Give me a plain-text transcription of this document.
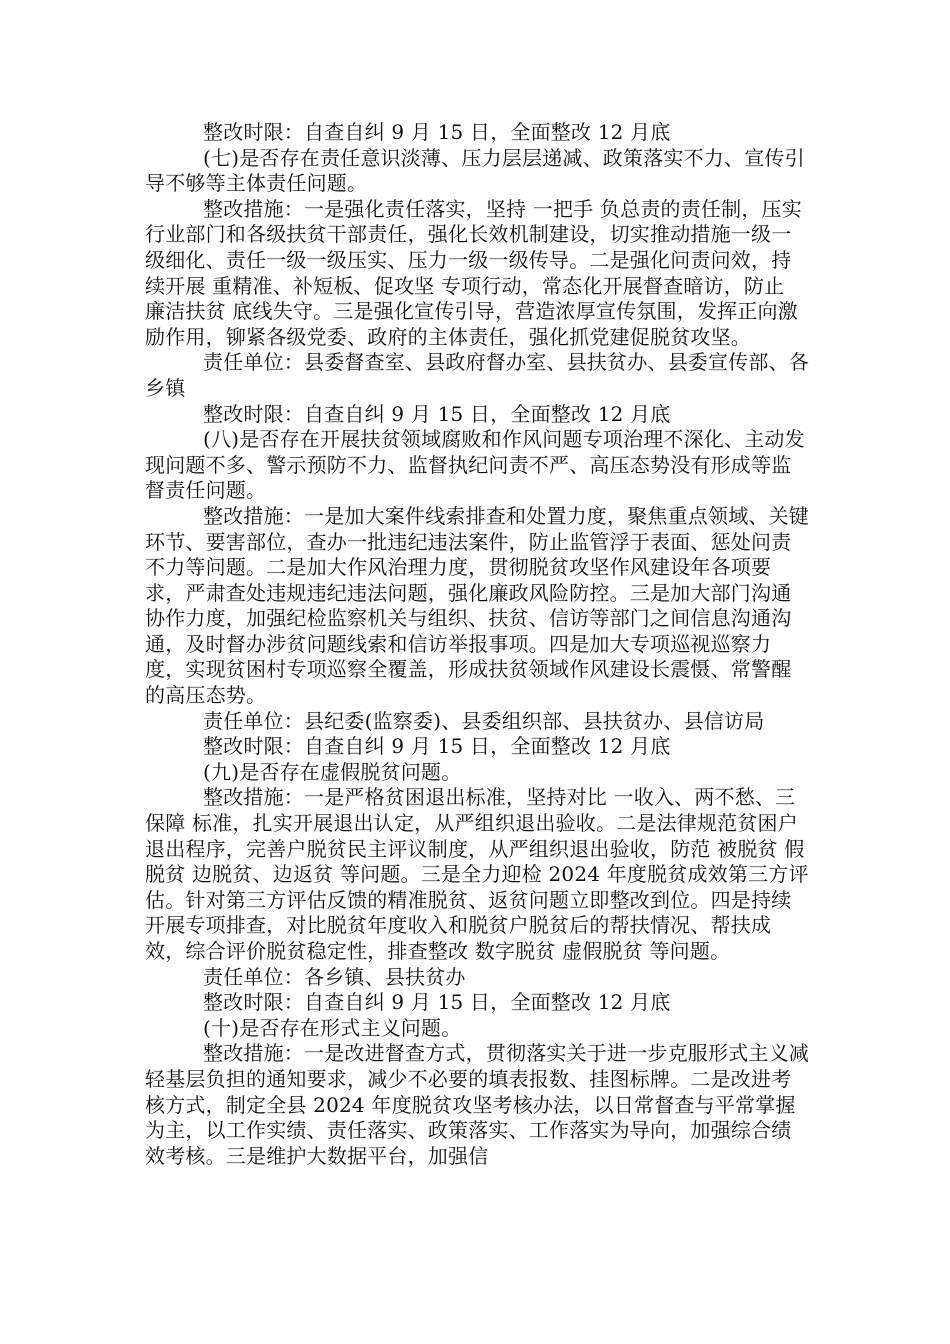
整改时限：自查自纠 9 月 15 日，全面整改 12 月底

(七)是否存在责任意识淡薄、压力层层递减、政策落实不力、宣传引导不够等主体责任问题。

整改措施：一是强化责任落实，坚持 一把手 负总责的责任制，压实行业部门和各级扶贫干部责任，强化长效机制建设，切实推动措施一级一级细化、责任一级一级压实、压力一级一级传导。二是强化问责问效，持续开展 重精准、补短板、促攻坚 专项行动，常态化开展督查暗访，防止 廉洁扶贫 底线失守。三是强化宣传引导，营造浓厚宣传氛围，发挥正向激励作用，铆紧各级党委、政府的主体责任，强化抓党建促脱贫攻坚。

责任单位：县委督查室、县政府督办室、县扶贫办、县委宣传部、各乡镇

整改时限：自查自纠 9 月 15 日，全面整改 12 月底

(八)是否存在开展扶贫领域腐败和作风问题专项治理不深化、主动发现问题不多、警示预防不力、监督执纪问责不严、高压态势没有形成等监督责任问题。

整改措施：一是加大案件线索排查和处置力度，聚焦重点领域、关键环节、要害部位，查办一批违纪违法案件，防止监管浮于表面、惩处问责不力等问题。二是加大作风治理力度，贯彻脱贫攻坚作风建设年各项要求，严肃查处违规违纪违法问题，强化廉政风险防控。三是加大部门沟通协作力度，加强纪检监察机关与组织、扶贫、信访等部门之间信息沟通沟通，及时督办涉贫问题线索和信访举报事项。四是加大专项巡视巡察力度，实现贫困村专项巡察全覆盖，形成扶贫领域作风建设长震慑、常警醒的高压态势。

责任单位：县纪委(监察委)、县委组织部、县扶贫办、县信访局

整改时限：自查自纠 9 月 15 日，全面整改 12 月底

(九)是否存在虚假脱贫问题。

整改措施：一是严格贫困退出标准，坚持对比 一收入、两不愁、三保障 标准，扎实开展退出认定，从严组织退出验收。二是法律规范贫困户退出程序，完善户脱贫民主评议制度，从严组织退出验收，防范 被脱贫 假脱贫 边脱贫、边返贫 等问题。三是全力迎检 2024 年度脱贫成效第三方评估。针对第三方评估反馈的精准脱贫、返贫问题立即整改到位。四是持续开展专项排查，对比脱贫年度收入和脱贫户脱贫后的帮扶情况、帮扶成效，综合评价脱贫稳定性，排查整改 数字脱贫 虚假脱贫 等问题。

责任单位：各乡镇、县扶贫办

整改时限：自查自纠 9 月 15 日，全面整改 12 月底

(十)是否存在形式主义问题。

整改措施：一是改进督查方式，贯彻落实关于进一步克服形式主义减轻基层负担的通知要求，减少不必要的填表报数、挂图标牌。二是改进考核方式，制定全县 2024 年度脱贫攻坚考核办法，以日常督查与平常掌握为主，以工作实绩、责任落实、政策落实、工作落实为导向，加强综合绩效考核。三是维护大数据平台，加强信
